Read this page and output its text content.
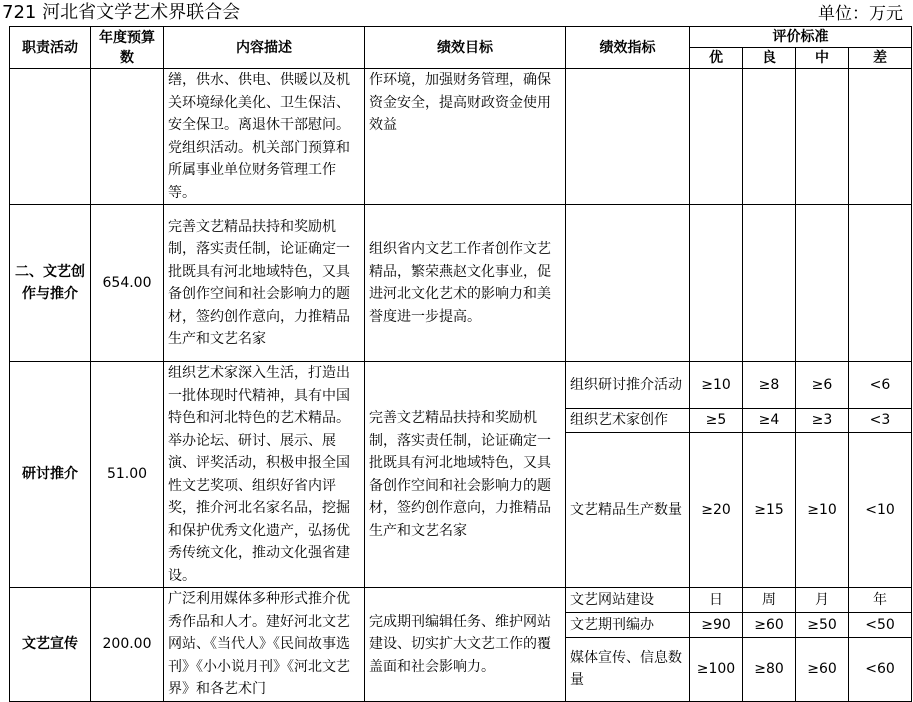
721 河北省文学艺术界联合会	单位：万元
职责活动	年度预算数	内容描述	绩效目标	绩效指标	评价标准			
					优	良	中	差
		缮，供水、供电、供暖以及机关环境绿化美化、卫生保洁、安全保卫。离退休干部慰问。党组织活动。机关部门预算和所属事业单位财务管理工作等。	作环境，加强财务管理，确保资金安全，提高财政资金使用效益					
二、文艺创作与推介	654.00	完善文艺精品扶持和奖励机制，落实责任制，论证确定一批既具有河北地域特色，又具备创作空间和社会影响力的题材，签约创作意向，力推精品生产和文艺名家	组织省内文艺工作者创作文艺精品，繁荣燕赵文化事业，促进河北文化艺术的影响力和美誉度进一步提高。					
研讨推介	51.00	组织艺术家深入生活，打造出一批体现时代精神，具有中国特色和河北特色的艺术精品。举办论坛、研讨、展示、展演、评奖活动，积极申报全国性文艺奖项、组织好省内评奖，推介河北名家名品，挖掘和保护优秀文化遗产，弘扬优秀传统文化，推动文化强省建设。	完善文艺精品扶持和奖励机制，落实责任制，论证确定一批既具有河北地域特色，又具备创作空间和社会影响力的题材，签约创作意向，力推精品生产和文艺名家	组织研讨推介活动	≥10	≥8	≥6	<6
				组织艺术家创作	≥5	≥4	≥3	<3
				文艺精品生产数量	≥20	≥15	≥10	<10
文艺宣传	200.00	广泛利用媒体多种形式推介优秀作品和人才。建好河北文艺网站、《当代人》《民间故事选刊》《小小说月刊》《河北文艺界》和各艺术门	完成期刊编辑任务、维护网站建设、切实扩大文艺工作的覆盖面和社会影响力。	文艺网站建设	日	周	月	年
				文艺期刊编办	≥90	≥60	≥50	<50
				媒体宣传、信息数量	≥100	≥80	≥60	<60
